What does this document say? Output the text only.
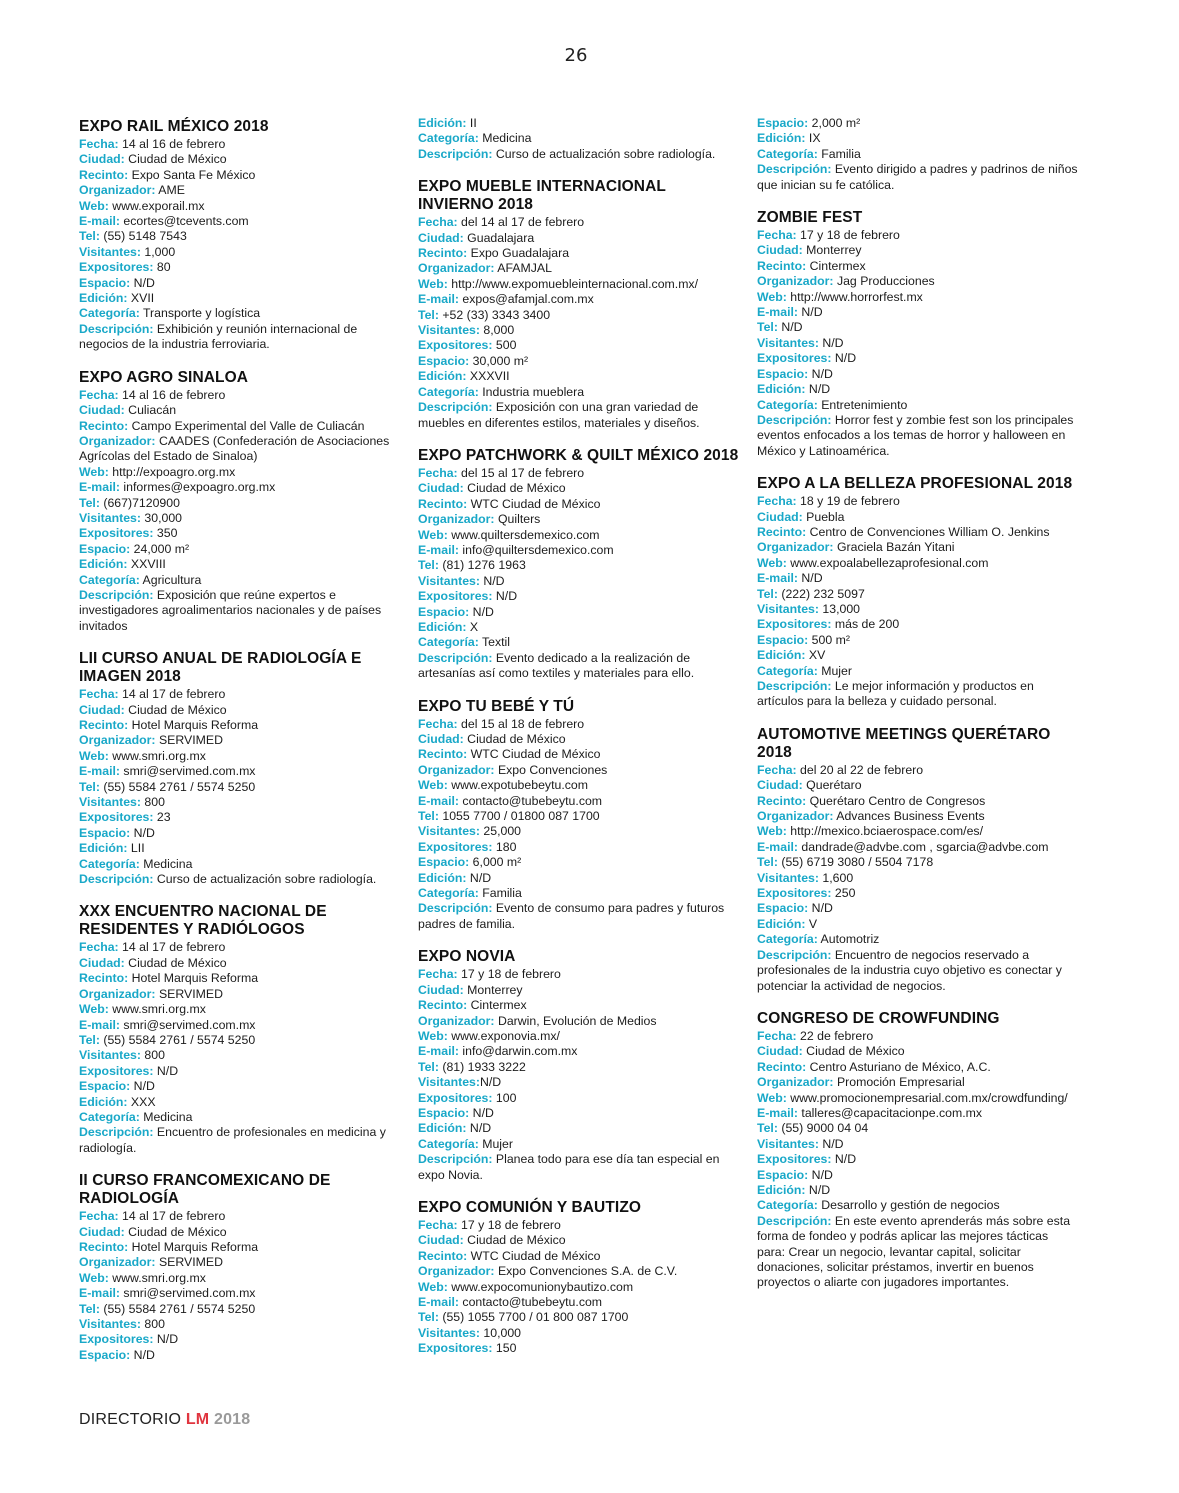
26
EXPO RAIL MÉXICO 2018
Fecha: 14 al 16 de febrero
Ciudad: Ciudad de México
Recinto: Expo Santa Fe México
Organizador: AME
Web: www.exporail.mx
E-mail: ecortes@tcevents.com
Tel: (55) 5148 7543
Visitantes: 1,000
Expositores: 80
Espacio: N/D
Edición: XVII
Categoría: Transporte y logística
Descripción: Exhibición y reunión internacional de negocios de la industria ferroviaria.
EXPO AGRO SINALOA
Fecha: 14 al 16 de febrero
Ciudad: Culiacán
Recinto: Campo Experimental del Valle de Culiacán
Organizador: CAADES (Confederación de Asociaciones Agrícolas del Estado de Sinaloa)
Web: http://expoagro.org.mx
E-mail: informes@expoagro.org.mx
Tel: (667)7120900
Visitantes: 30,000
Expositores: 350
Espacio: 24,000 m²
Edición: XXVIII
Categoría: Agricultura
Descripción: Exposición que reúne expertos e investigadores agroalimentarios nacionales y de países invitados
LII CURSO ANUAL DE RADIOLOGÍA E IMAGEN 2018
Fecha: 14 al 17 de febrero
Ciudad: Ciudad de México
Recinto: Hotel Marquis Reforma
Organizador: SERVIMED
Web: www.smri.org.mx
E-mail: smri@servimed.com.mx
Tel: (55) 5584 2761 / 5574 5250
Visitantes: 800
Expositores: 23
Espacio: N/D
Edición: LII
Categoría: Medicina
Descripción: Curso de actualización sobre radiología.
XXX ENCUENTRO NACIONAL DE RESIDENTES Y RADIÓLOGOS
Fecha: 14 al 17 de febrero
Ciudad: Ciudad de México
Recinto: Hotel Marquis Reforma
Organizador: SERVIMED
Web: www.smri.org.mx
E-mail: smri@servimed.com.mx
Tel: (55) 5584 2761 / 5574 5250
Visitantes: 800
Expositores: N/D
Espacio: N/D
Edición: XXX
Categoría: Medicina
Descripción: Encuentro de profesionales en medicina y radiología.
II CURSO FRANCOMEXICANO DE RADIOLOGÍA
Fecha: 14 al 17 de febrero
Ciudad: Ciudad de México
Recinto: Hotel Marquis Reforma
Organizador: SERVIMED
Web: www.smri.org.mx
E-mail: smri@servimed.com.mx
Tel: (55) 5584 2761 / 5574 5250
Visitantes: 800
Expositores: N/D
Espacio: N/D
Edición: II
Categoría: Medicina
Descripción: Curso de actualización sobre radiología.
EXPO MUEBLE INTERNACIONAL INVIERNO 2018
Fecha: del 14 al 17 de febrero
Ciudad: Guadalajara
Recinto: Expo Guadalajara
Organizador: AFAMJAL
Web: http://www.expomuebleinternacional.com.mx/
E-mail: expos@afamjal.com.mx
Tel: +52 (33) 3343 3400
Visitantes: 8,000
Expositores: 500
Espacio: 30,000 m²
Edición: XXXVII
Categoría: Industria mueblera
Descripción: Exposición con una gran variedad de muebles en diferentes estilos, materiales y diseños.
EXPO PATCHWORK & QUILT MÉXICO 2018
Fecha: del 15 al 17 de febrero
Ciudad: Ciudad de México
Recinto: WTC Ciudad de México
Organizador: Quilters
Web: www.quiltersdemexico.com
E-mail: info@quiltersdemexico.com
Tel: (81) 1276 1963
Visitantes: N/D
Expositores: N/D
Espacio: N/D
Edición: X
Categoría: Textil
Descripción: Evento dedicado a la realización de artesanías así como textiles y materiales para ello.
EXPO TU BEBÉ Y TÚ
Fecha: del 15 al 18 de febrero
Ciudad: Ciudad de México
Recinto: WTC Ciudad de México
Organizador: Expo Convenciones
Web: www.expotubebeytu.com
E-mail: contacto@tubebeytu.com
Tel: 1055 7700 / 01800 087 1700
Visitantes: 25,000
Expositores: 180
Espacio: 6,000 m²
Edición: N/D
Categoría: Familia
Descripción: Evento de consumo para padres y futuros padres de familia.
EXPO NOVIA
Fecha: 17 y 18 de febrero
Ciudad: Monterrey
Recinto: Cintermex
Organizador: Darwin, Evolución de Medios
Web: www.exponovia.mx/
E-mail: info@darwin.com.mx
Tel: (81) 1933 3222
Visitantes:N/D
Expositores: 100
Espacio: N/D
Edición: N/D
Categoría: Mujer
Descripción: Planea todo para ese día tan especial en expo Novia.
EXPO COMUNIÓN Y BAUTIZO
Fecha: 17 y 18 de febrero
Ciudad: Ciudad de México
Recinto: WTC Ciudad de México
Organizador: Expo Convenciones S.A. de C.V.
Web: www.expocomunionybautizo.com
E-mail: contacto@tubebeytu.com
Tel: (55) 1055 7700 / 01 800 087 1700
Visitantes: 10,000
Expositores: 150
Espacio: 2,000 m²
Edición: IX
Categoría: Familia
Descripción: Evento dirigido a padres y padrinos de niños que inician su fe católica.
ZOMBIE FEST
Fecha: 17 y 18 de febrero
Ciudad: Monterrey
Recinto: Cintermex
Organizador: Jag Producciones
Web: http://www.horrorfest.mx
E-mail: N/D
Tel: N/D
Visitantes: N/D
Expositores: N/D
Espacio: N/D
Edición: N/D
Categoría: Entretenimiento
Descripción: Horror fest y zombie fest son los principales eventos enfocados a los temas de horror y halloween en México y Latinoamérica.
EXPO A LA BELLEZA PROFESIONAL 2018
Fecha: 18 y 19 de febrero
Ciudad: Puebla
Recinto: Centro de Convenciones William O. Jenkins
Organizador: Graciela Bazán Yitani
Web: www.expoalabellezaprofesional.com
E-mail: N/D
Tel: (222) 232 5097
Visitantes: 13,000
Expositores: más de 200
Espacio: 500 m²
Edición: XV
Categoría: Mujer
Descripción: Le mejor información y productos en artículos para la belleza y cuidado personal.
AUTOMOTIVE MEETINGS QUERÉTARO 2018
Fecha: del 20 al 22 de febrero
Ciudad: Querétaro
Recinto: Querétaro Centro de Congresos
Organizador: Advances Business Events
Web: http://mexico.bciaerospace.com/es/
E-mail: dandrade@advbe.com , sgarcia@advbe.com
Tel: (55) 6719 3080 / 5504 7178
Visitantes: 1,600
Expositores: 250
Espacio: N/D
Edición: V
Categoría: Automotriz
Descripción: Encuentro de negocios reservado a profesionales de la industria cuyo objetivo es conectar y potenciar la actividad de negocios.
CONGRESO DE CROWFUNDING
Fecha: 22 de febrero
Ciudad: Ciudad de México
Recinto: Centro Asturiano de México, A.C.
Organizador: Promoción Empresarial
Web: www.promocionempresarial.com.mx/crowdfunding/
E-mail: talleres@capacitacionpe.com.mx
Tel: (55) 9000 04 04
Visitantes: N/D
Expositores: N/D
Espacio: N/D
Edición: N/D
Categoría: Desarrollo y gestión de negocios
Descripción: En este evento aprenderás más sobre esta forma de fondeo y podrás aplicar las mejores tácticas para: Crear un negocio, levantar capital, solicitar donaciones, solicitar préstamos, invertir en buenos proyectos o aliarte con jugadores importantes.
DIRECTORIO LM 2018
